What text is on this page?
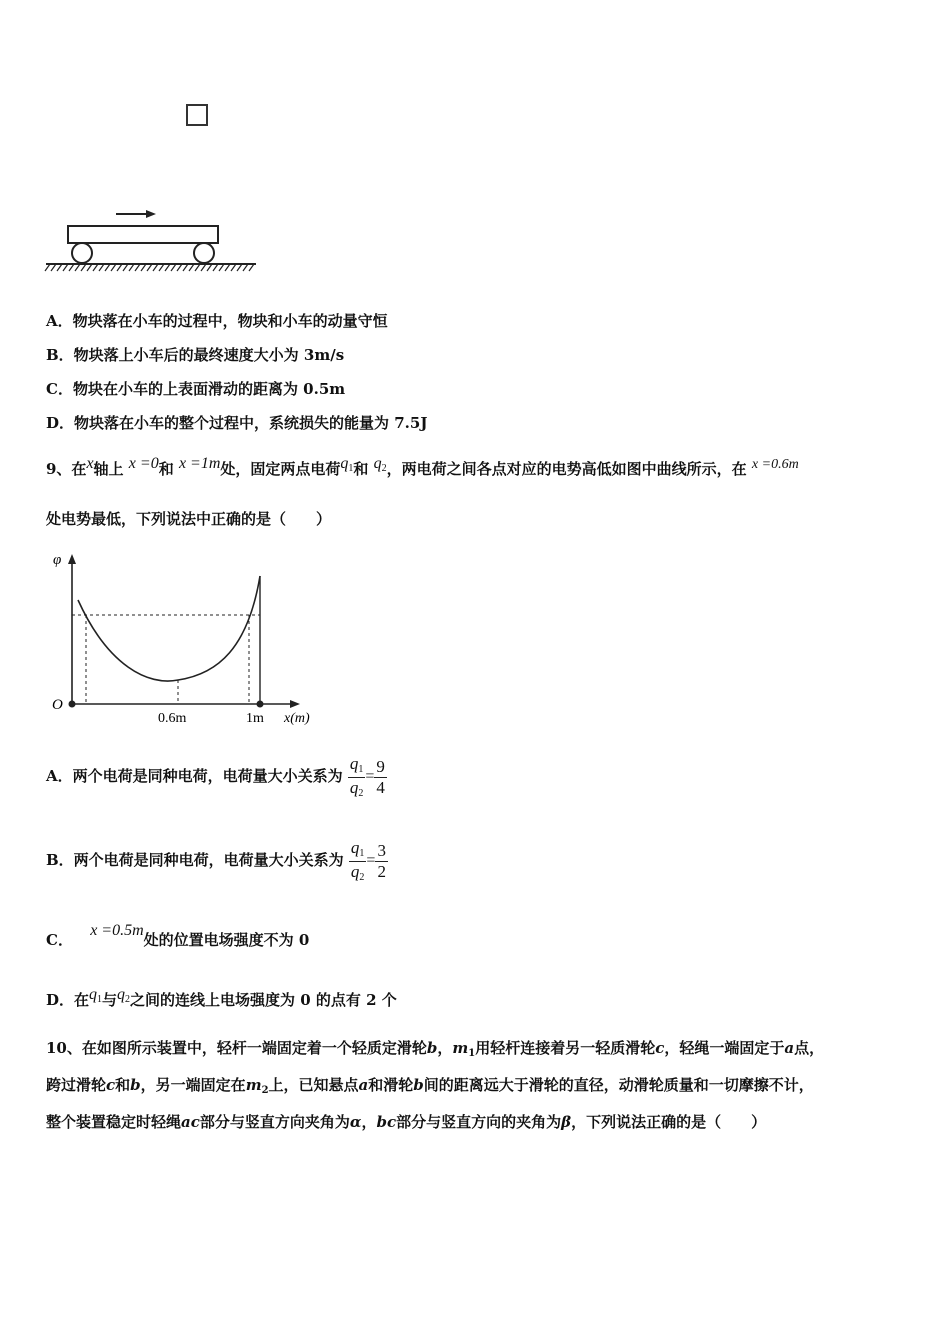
A．物块落在小车的过程中，物块和小车的动量守恒
B．物块落上小车后的最终速度大小为 3m/s
C．物块在小车的上表面滑动的距离为 0.5m
D．物块落在小车的整个过程中，系统损失的能量为 7.5J
9、在x轴上 x =0和 x =1m处，固定两点电荷q1和 q2，两电荷之间各点对应的电势高低如图中曲线所示，在 x =0.6m
处电势最低，下列说法中正确的是（　　）
φ
O
0.6m	1m x(m)
A．两个电荷是同种电荷，电荷量大小关系为 $\frac{q1}{q2} = \frac{9}{4}$
B．两个电荷是同种电荷，电荷量大小关系为 $\frac{q1}{q2} = \frac{3}{2}$
C． x =0.5m处的位置电场强度不为 0
D．在q1与q2之间的连线上电场强度为 0 的点有 2 个
10、在如图所示装置中，轻杆一端固定着一个轻质定滑轮b，$m_1$用轻杆连接着另一轻质滑轮c，轻绳一端固定于a点，
跨过滑轮c和b，另一端固定在$m_2$上，已知悬点a和滑轮b间的距离远大于滑轮的直径，动滑轮质量和一切摩擦不计，
整个装置稳定时轻绳ac部分与竖直方向夹角为α，bc部分与竖直方向的夹角为β，下列说法正确的是（　　）
